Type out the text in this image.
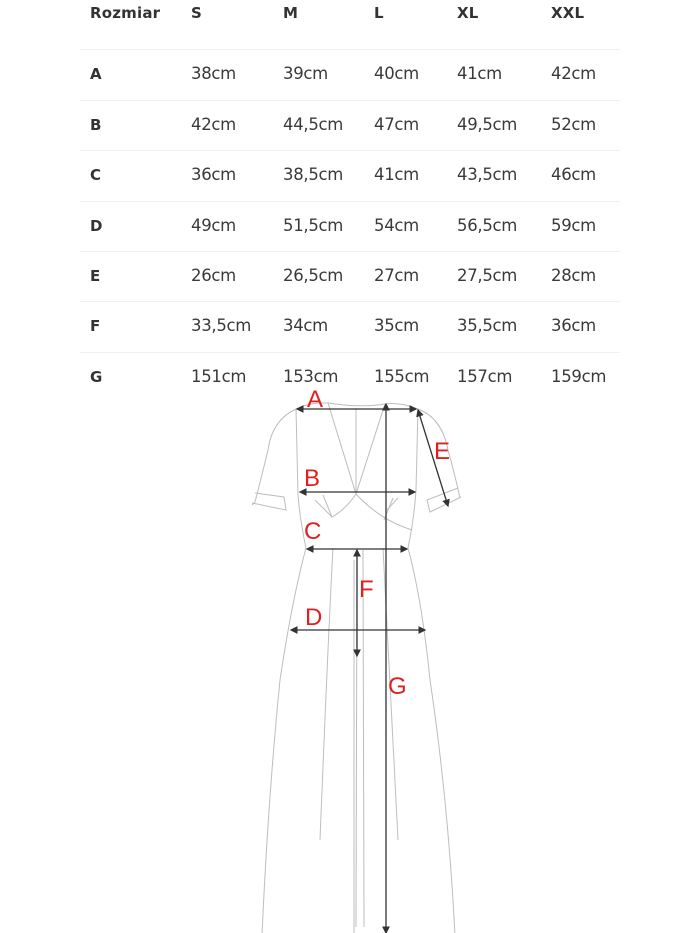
Rozmiar S	M	L	XL	XXL
A	38cm	39cm	40cm 41cm	42cm
B	42cm	44,5cm 47cm 49,5cm 52cm
C	36cm	38,5cm 41cm 43,5cm 46cm
D	49cm	51,5cm 54cm 56,5cm 59cm
E	26cm	26,5cm 27cm 27,5cm 28cm
F	33,5cm 34cm	35cm 35,5cm 36cm
G	151cm 153cm 155cm 157cm 159cm
A
B
C
D
E
F
G
